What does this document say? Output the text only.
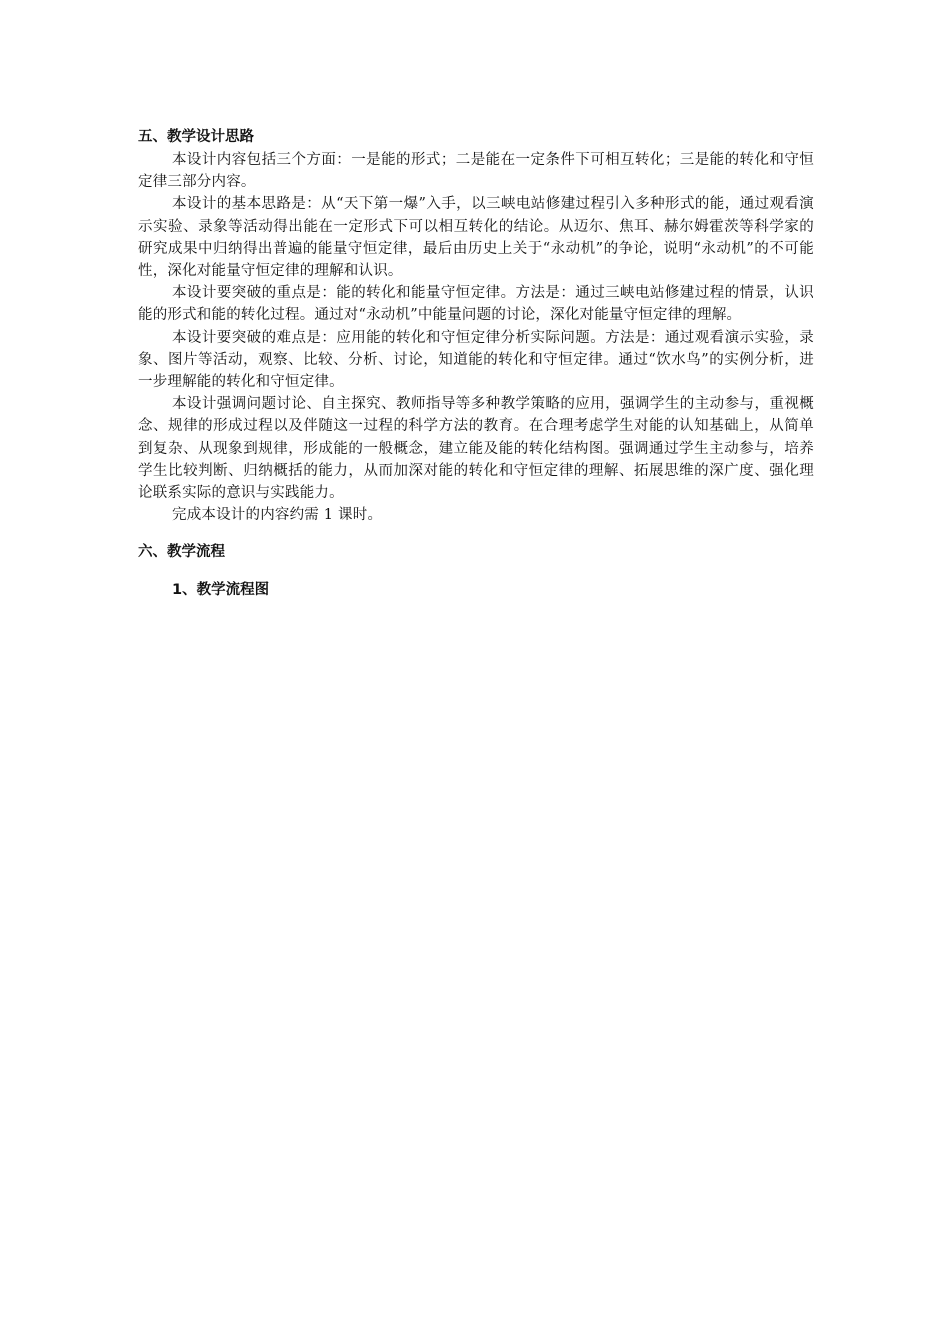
五、教学设计思路

本设计内容包括三个方面：一是能的形式；二是能在一定条件下可相互转化；三是能的转化和守恒定律三部分内容。

本设计的基本思路是：从“天下第一爆”入手，以三峡电站修建过程引入多种形式的能，通过观看演示实验、录象等活动得出能在一定形式下可以相互转化的结论。从迈尔、焦耳、赫尔姆霍茨等科学家的研究成果中归纳得出普遍的能量守恒定律，最后由历史上关于“永动机”的争论，说明“永动机”的不可能性，深化对能量守恒定律的理解和认识。

本设计要突破的重点是：能的转化和能量守恒定律。方法是：通过三峡电站修建过程的情景，认识能的形式和能的转化过程。通过对“永动机”中能量问题的讨论，深化对能量守恒定律的理解。

本设计要突破的难点是：应用能的转化和守恒定律分析实际问题。方法是：通过观看演示实验，录象、图片等活动，观察、比较、分析、讨论，知道能的转化和守恒定律。通过“饮水鸟”的实例分析，进一步理解能的转化和守恒定律。

本设计强调问题讨论、自主探究、教师指导等多种教学策略的应用，强调学生的主动参与，重视概念、规律的形成过程以及伴随这一过程的科学方法的教育。在合理考虑学生对能的认知基础上，从简单到复杂、从现象到规律，形成能的一般概念，建立能及能的转化结构图。强调通过学生主动参与，培养学生比较判断、归纳概括的能力，从而加深对能的转化和守恒定律的理解、拓展思维的深广度、强化理论联系实际的意识与实践能力。

完成本设计的内容约需 1 课时。

六、教学流程
1、教学流程图
